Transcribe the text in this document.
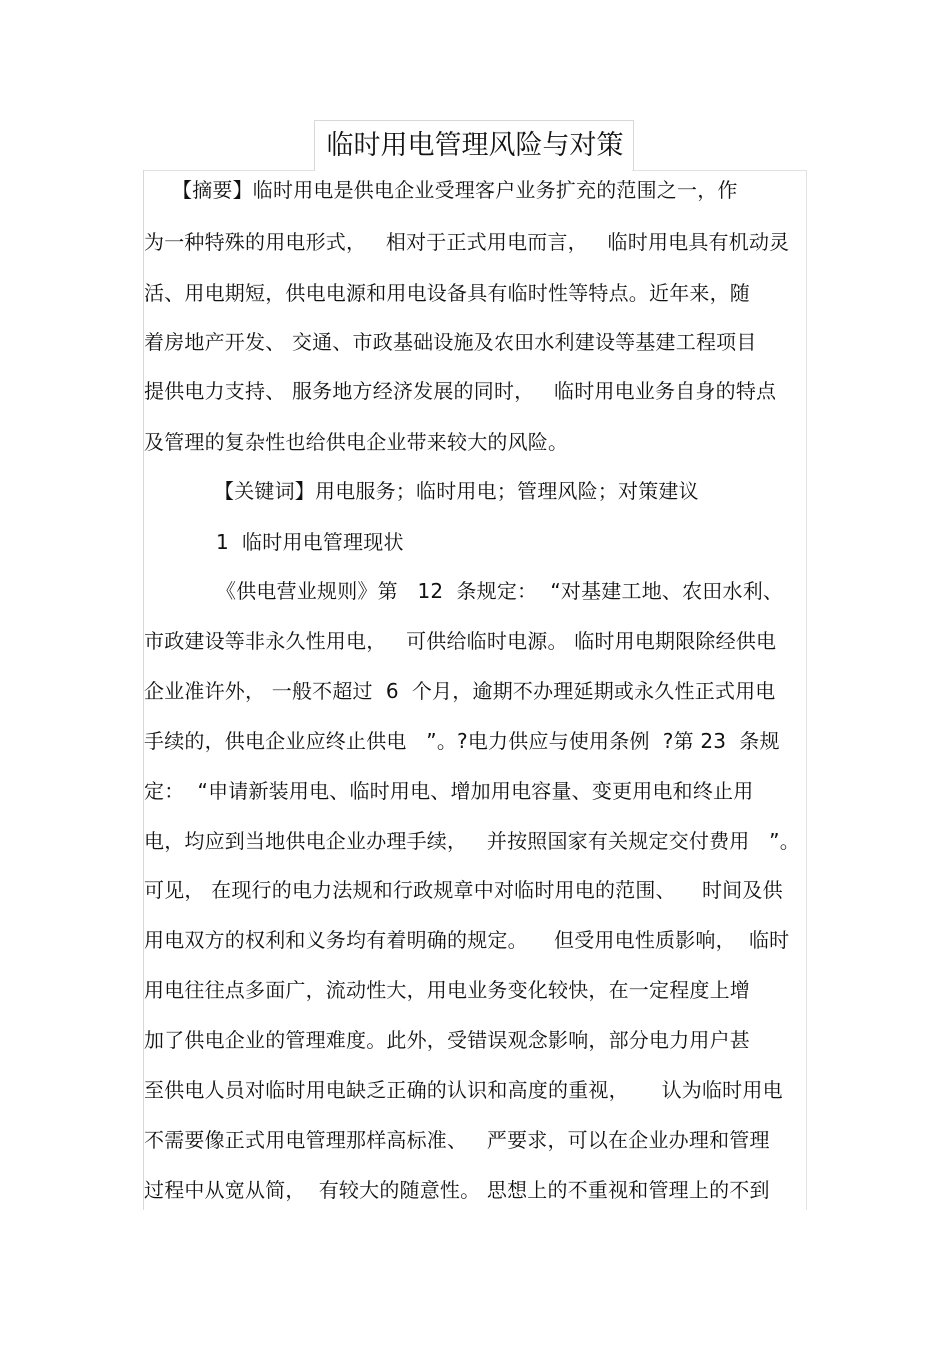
临时用电管理风险与对策
【摘要】临时用电是供电企业受理客户业务扩充的范围之一，作
为一种特殊的用电形式，   相对于正式用电而言，   临时用电具有机动灵
活、用电期短，供电电源和用电设备具有临时性等特点。近年来，随
着房地产开发、 交通、市政基础设施及农田水利建设等基建工程项目
提供电力支持、 服务地方经济发展的同时，   临时用电业务自身的特点
及管理的复杂性也给供电企业带来较大的风险。
【关键词】用电服务；临时用电；管理风险；对策建议
1  临时用电管理现状
《供电营业规则》第   12  条规定：  “对基建工地、农田水利、
市政建设等非永久性用电，   可供给临时电源。 临时用电期限除经供电
企业准许外， 一般不超过  6  个月，逾期不办理延期或永久性正式用电
手续的，供电企业应终止供电   ”。?电力供应与使用条例  ?第 23  条规
定：  “申请新装用电、临时用电、增加用电容量、变更用电和终止用
电，均应到当地供电企业办理手续，   并按照国家有关规定交付费用   ”。
可见， 在现行的电力法规和行政规章中对临时用电的范围、    时间及供
用电双方的权利和义务均有着明确的规定。    但受用电性质影响，  临时
用电往往点多面广，流动性大，用电业务变化较快，在一定程度上增
加了供电企业的管理难度。此外，受错误观念影响，部分电力用户甚
至供电人员对临时用电缺乏正确的认识和高度的重视，     认为临时用电
不需要像正式用电管理那样高标准、   严要求，可以在企业办理和管理
过程中从宽从简，  有较大的随意性。 思想上的不重视和管理上的不到
